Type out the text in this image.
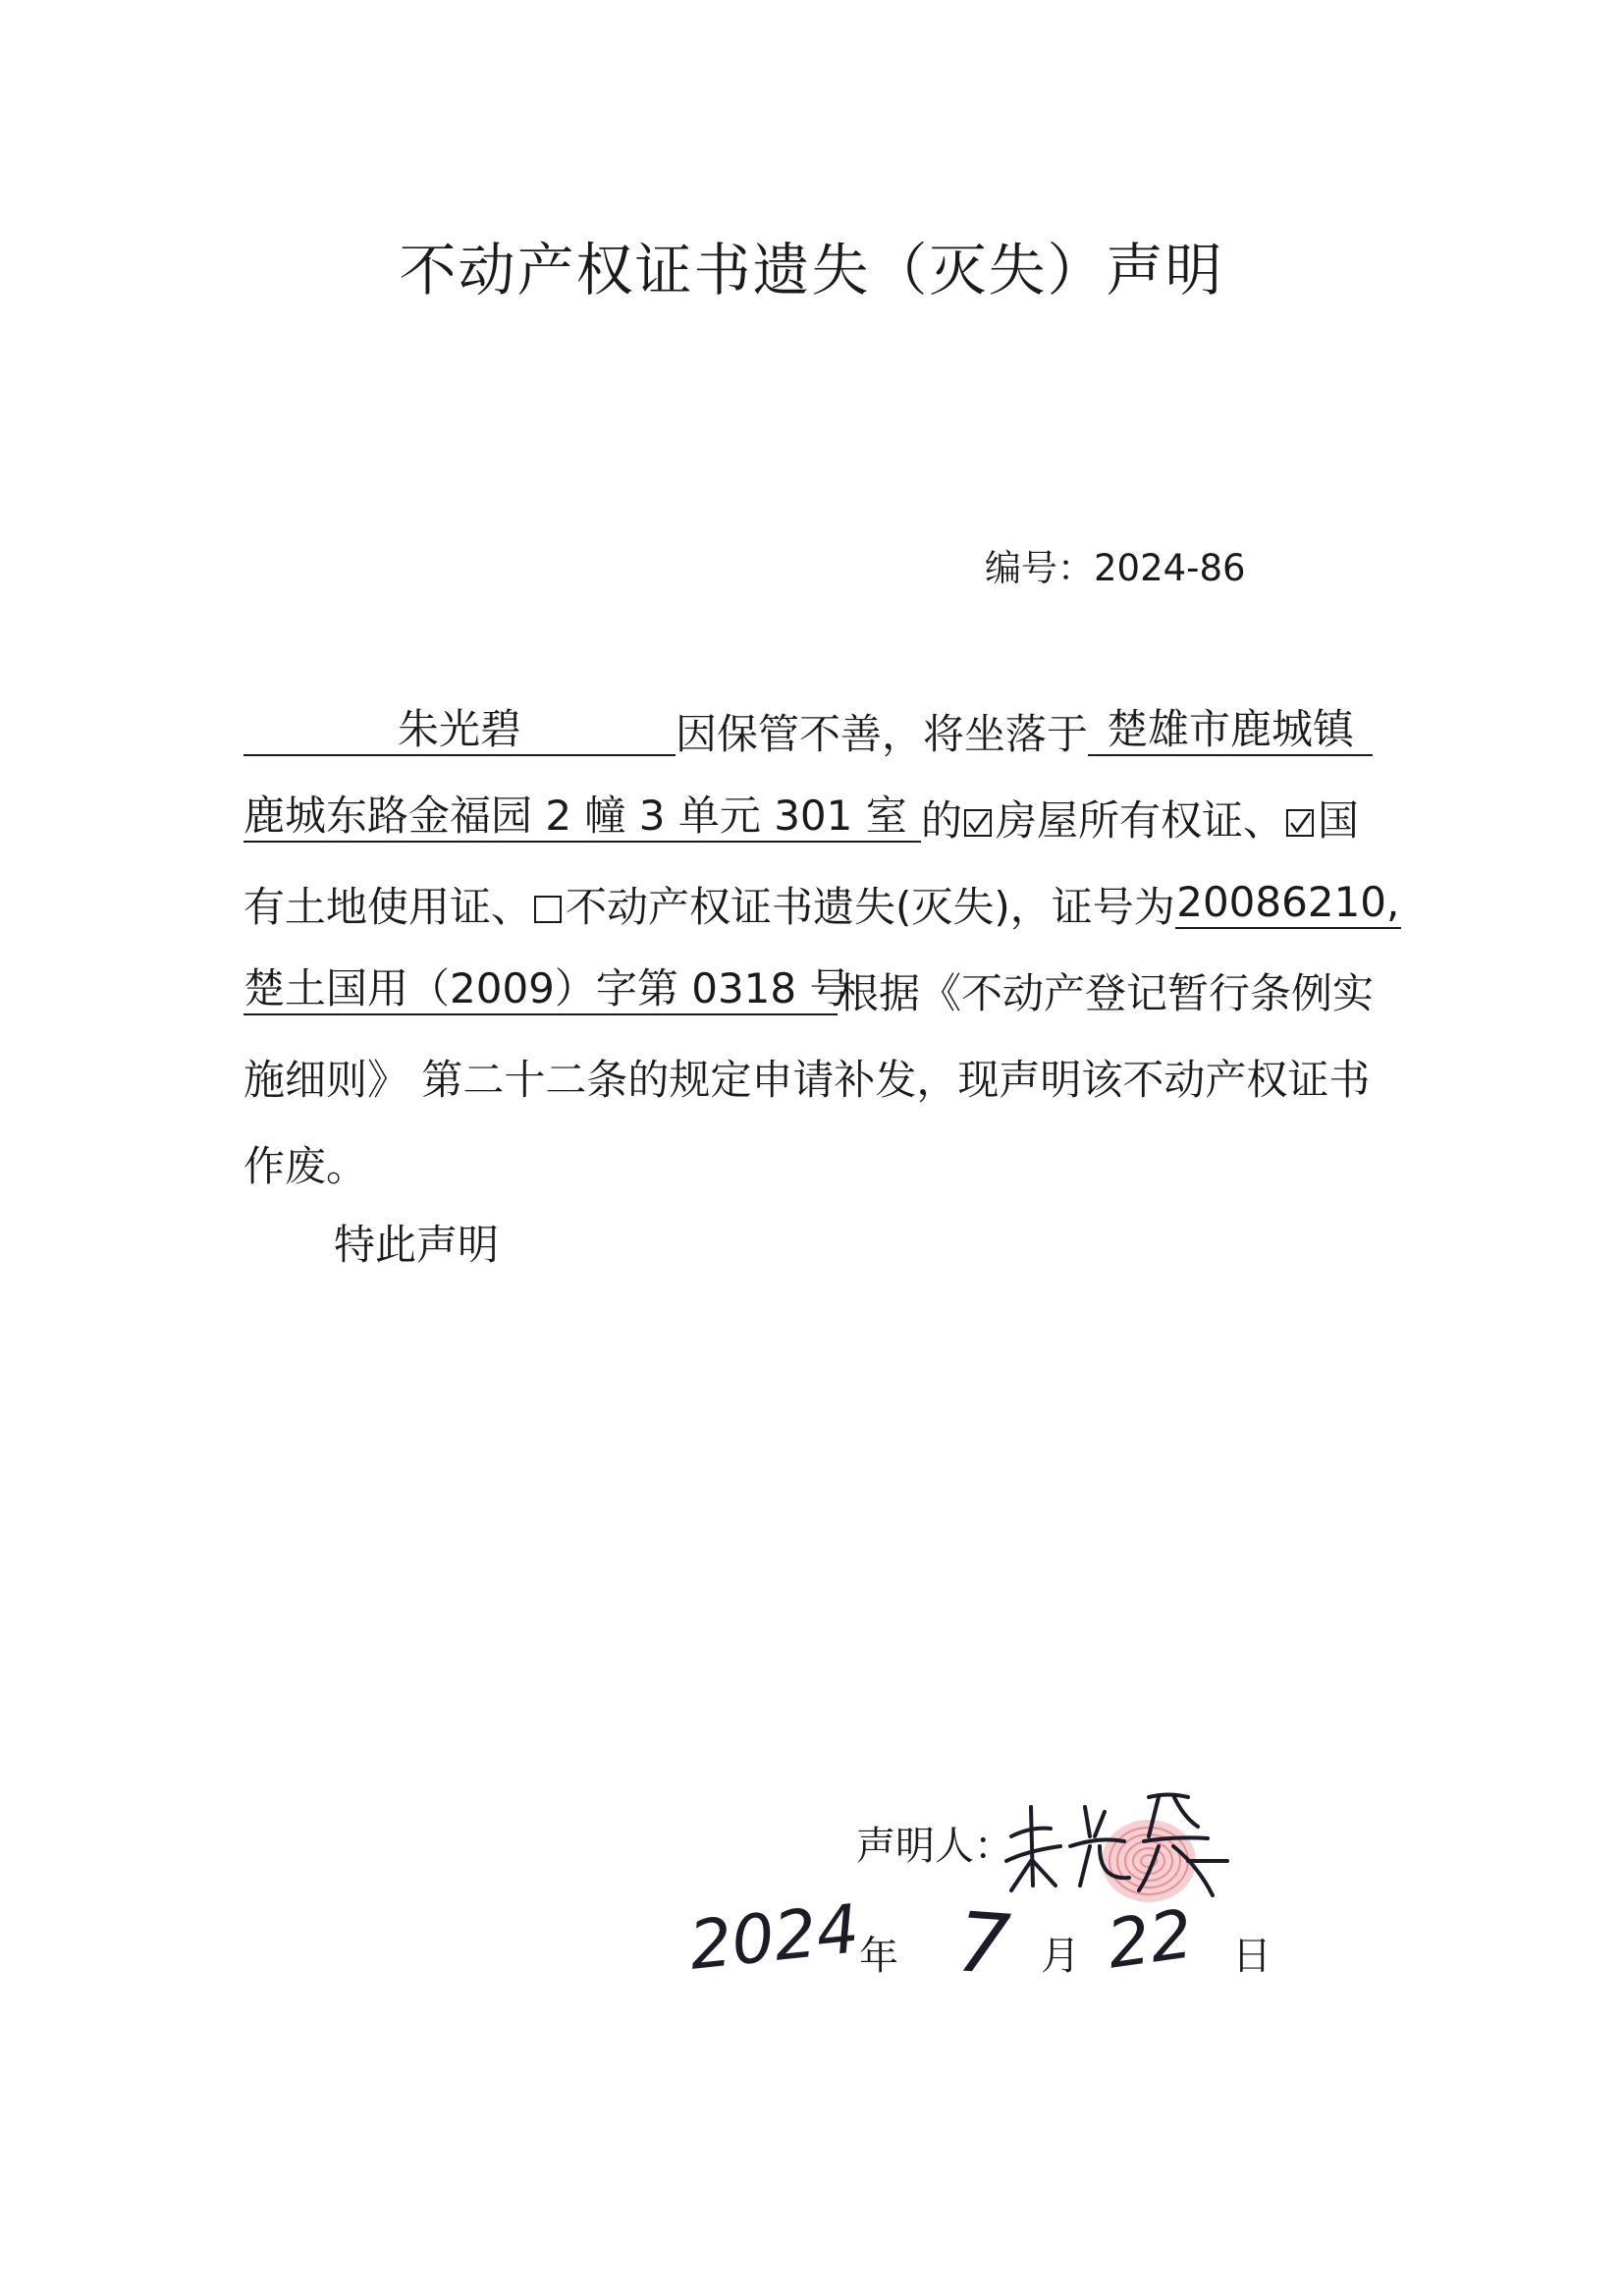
不动产权证书遗失（灭失）声明
编号：2024-86
朱光碧	因保管不善，将坐落于 楚雄市鹿城镇
鹿城东路金福园 2 幢 3 单元 301 室 的 房屋所有权证、 国
有土地使用证、 不动产权证书遗失(灭失)，证号为20086210,
楚土国用（2009）字第 0318 号根据《不动产登记暂行条例实
施细则》 第二十二条的规定申请补发，现声明该不动产权证书
作废。
特此声明
声明人：
2024
年 7 月 22 日
